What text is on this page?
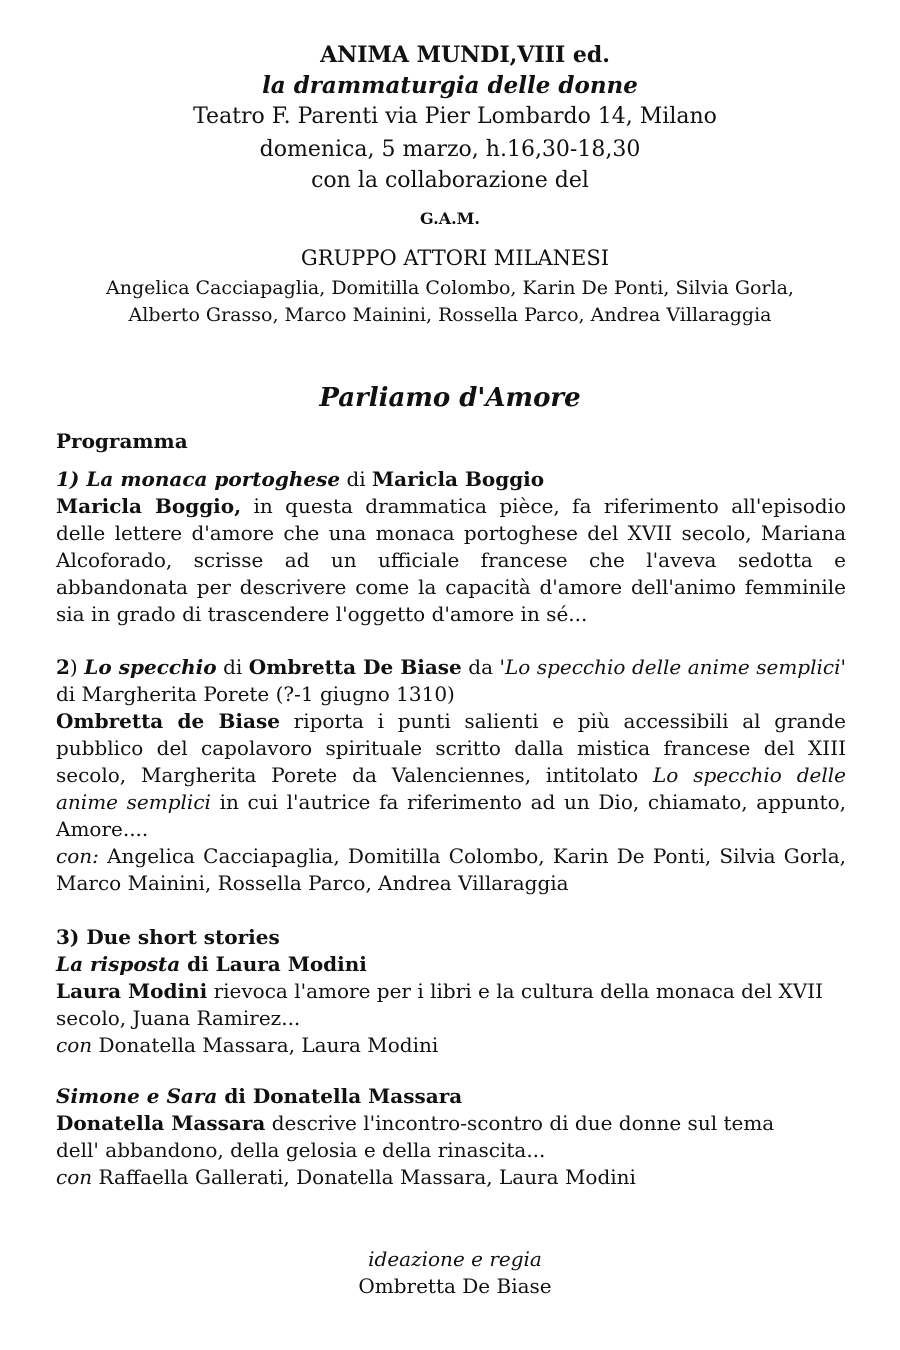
ANIMA MUNDI,VIII ed.
la drammaturgia delle donne
Teatro F. Parenti via Pier Lombardo 14, Milano
domenica, 5 marzo, h.16,30-18,30
con la collaborazione del
G.A.M.
GRUPPO ATTORI MILANESI
Angelica Cacciapaglia, Domitilla Colombo, Karin De Ponti, Silvia Gorla, Alberto Grasso, Marco Mainini, Rossella Parco, Andrea Villaraggia
Parliamo d'Amore
Programma
1) La monaca portoghese di Maricla Boggio
Maricla Boggio, in questa drammatica pièce, fa riferimento all'episodio delle lettere d'amore che una monaca portoghese del XVII secolo, Mariana Alcoforado, scrisse ad un ufficiale francese che l'aveva sedotta e abbandonata per descrivere come la capacità d'amore dell'animo femminile sia in grado di trascendere l'oggetto d'amore in sé...
2) Lo specchio di Ombretta De Biase da 'Lo specchio delle anime semplici' di Margherita Porete (?-1 giugno 1310)
Ombretta de Biase riporta i punti salienti e più accessibili al grande pubblico del capolavoro spirituale scritto dalla mistica francese del XIII secolo, Margherita Porete da Valenciennes, intitolato Lo specchio delle anime semplici in cui l'autrice fa riferimento ad un Dio, chiamato, appunto, Amore....
con: Angelica Cacciapaglia, Domitilla Colombo, Karin De Ponti, Silvia Gorla, Marco Mainini, Rossella Parco, Andrea Villaraggia
3) Due short stories
La risposta di Laura Modini
Laura Modini rievoca l'amore per i libri e la cultura della monaca del XVII secolo, Juana Ramirez...
con Donatella Massara, Laura Modini
Simone e Sara di Donatella Massara
Donatella Massara descrive l'incontro-scontro di due donne sul tema
dell' abbandono, della gelosia e della rinascita...
con Raffaella Gallerati, Donatella Massara, Laura Modini
ideazione e regia
Ombretta De Biase
